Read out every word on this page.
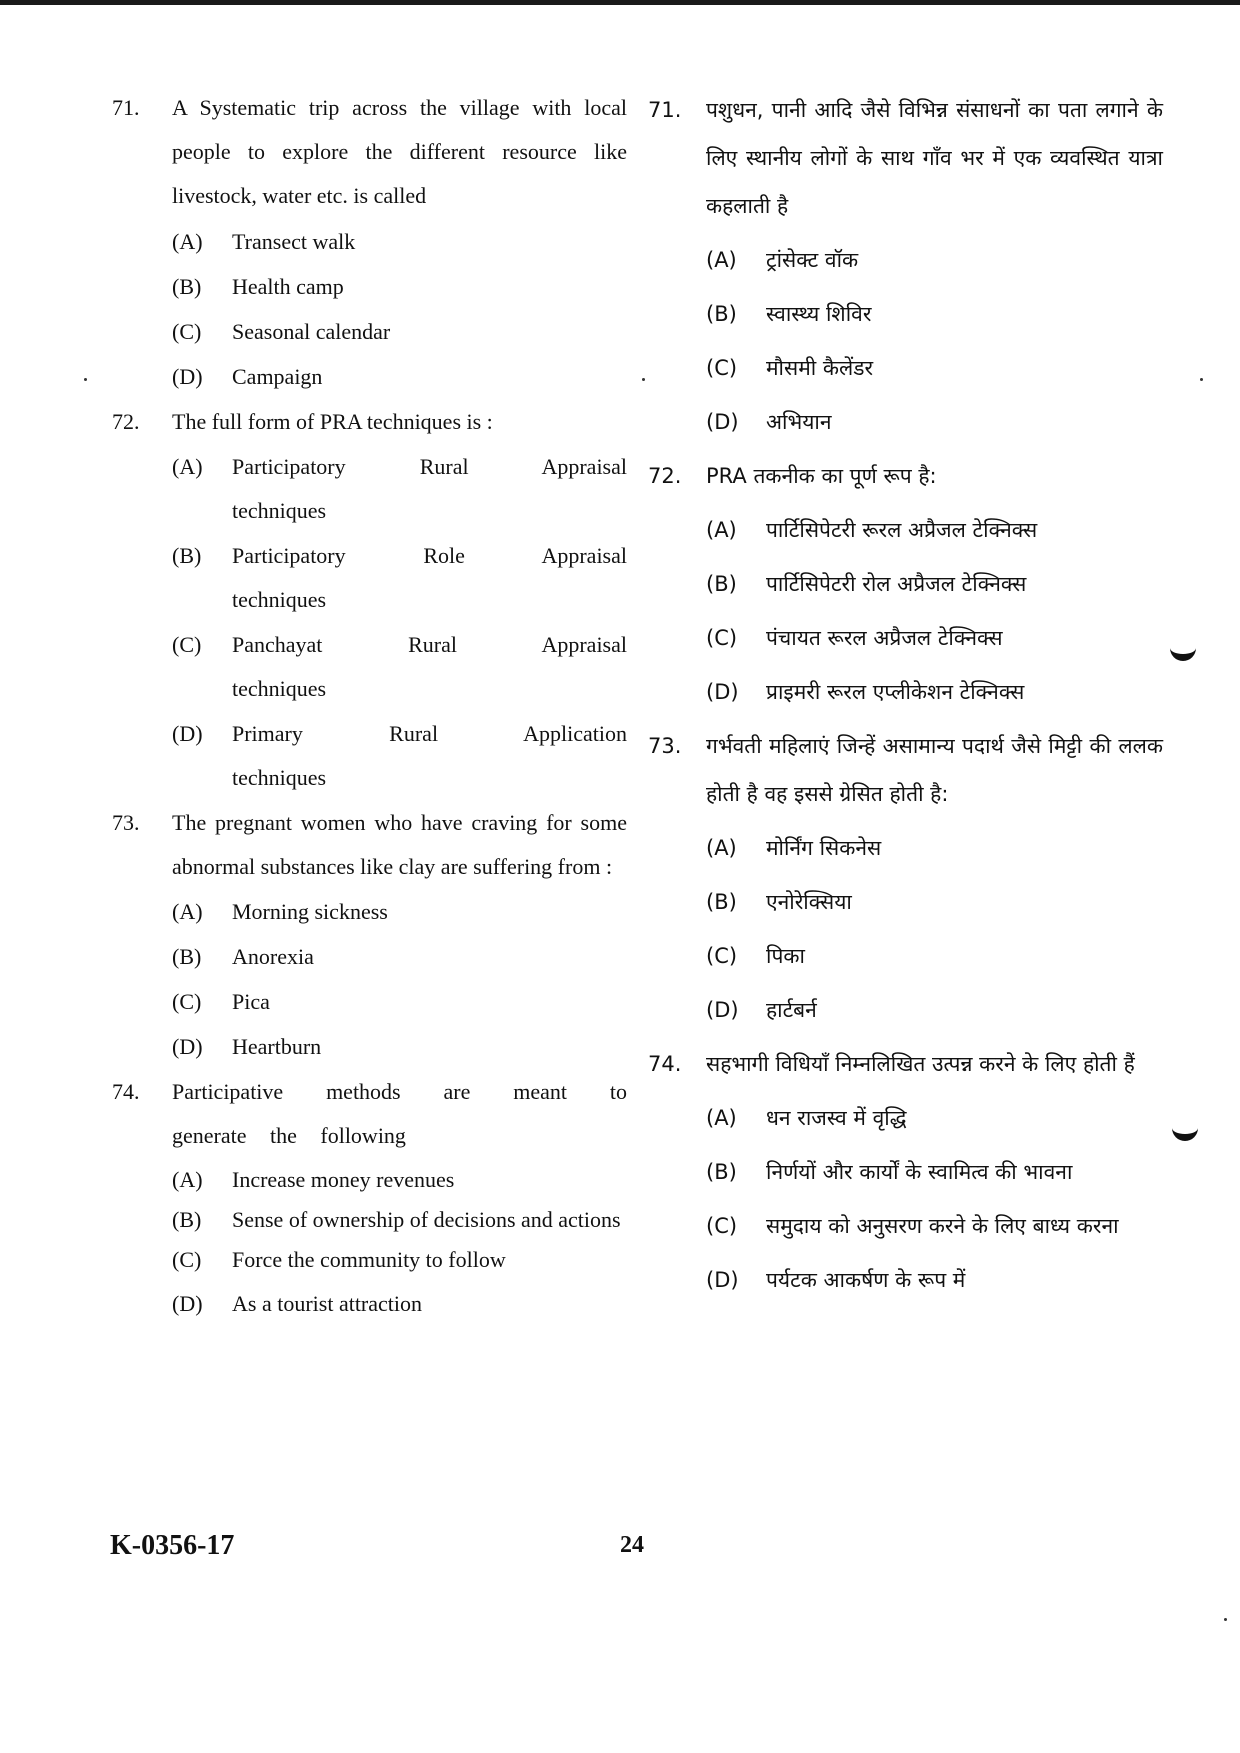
71.	A Systematic trip across the village with local people to explore the different resource like livestock, water etc. is called
(A)	Transect walk
(B)	Health camp
(C)	Seasonal calendar
(D)	Campaign
72.	The full form of PRA techniques is :
(A)	Participatory Rural Appraisal techniques
(B)	Participatory Role Appraisal techniques
(C)	Panchayat Rural Appraisal techniques
(D)	Primary Rural Application techniques
73.	The pregnant women who have craving for some abnormal substances like clay are suffering from :
(A)	Morning sickness
(B)	Anorexia
(C)	Pica
(D)	Heartburn
74.	Participative methods are meant to generate the following
(A)	Increase money revenues
(B)	Sense of ownership of decisions and actions
(C)	Force the community to follow
(D)	As a tourist attraction
71.	पशुधन, पानी आदि जैसे विभिन्न संसाधनों का पता लगाने के लिए स्थानीय लोगों के साथ गाँव भर में एक व्यवस्थित यात्रा कहलाती है
(A)	ट्रांसेक्ट वॉक
(B)	स्वास्थ्य शिविर
(C)	मौसमी कैलेंडर
(D)	अभियान
72.	PRA तकनीक का पूर्ण रूप है:
(A)	पार्टिसिपेटरी रूरल अप्रैजल टेक्निक्स
(B)	पार्टिसिपेटरी रोल अप्रैजल टेक्निक्स
(C)	पंचायत रूरल अप्रैजल टेक्निक्स
(D)	प्राइमरी रूरल एप्लीकेशन टेक्निक्स
73.	गर्भवती महिलाएं जिन्हें असामान्य पदार्थ जैसे मिट्टी की ललक होती है वह इससे ग्रेसित होती है:
(A)	मोर्निंग सिकनेस
(B)	एनोरेक्सिया
(C)	पिका
(D)	हार्टबर्न
74.	सहभागी विधियाँ निम्नलिखित उत्पन्न करने के लिए होती हैं
(A)	धन राजस्व में वृद्धि
(B)	निर्णयों और कार्यों के स्वामित्व की भावना
(C)	समुदाय को अनुसरण करने के लिए बाध्य करना
(D)	पर्यटक आकर्षण के रूप में
K-0356-17	24
